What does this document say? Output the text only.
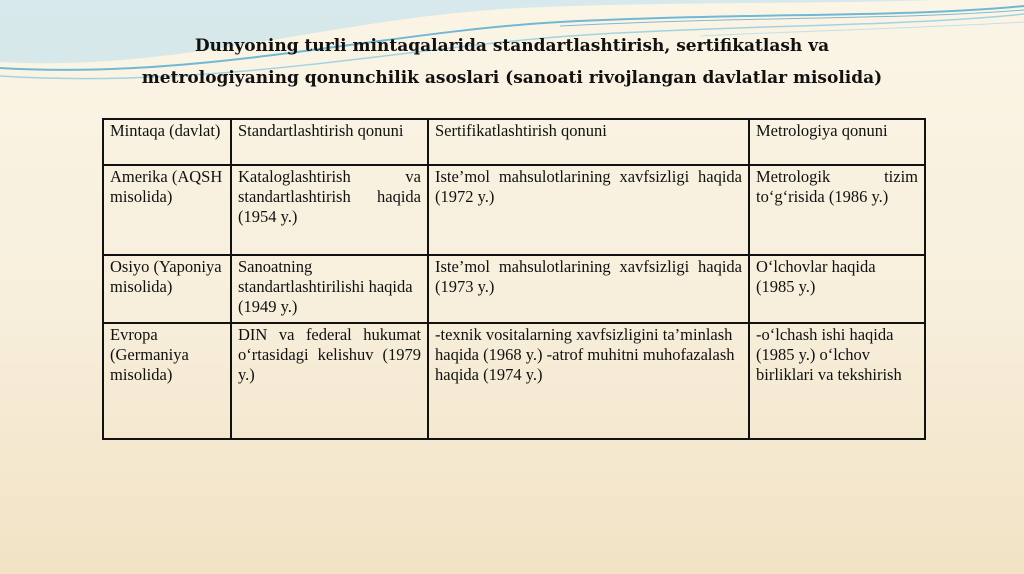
Dunyoning turli mintaqalarida standartlashtirish, sertifikatlash va
metrologiyaning qonunchilik asoslari (sanoati rivojlangan davlatlar misolida)
Mintaqa (davlat)	Standartlashtirish qonuni	Sertifikatlashtirish qonuni	Metrologiya qonuni
Amerika (AQSH misolida)	Kataloglashtirish va standartlashtirish haqida (1954 y.)	Iste’mol mahsulotlarining xavfsizligi haqida (1972 y.)	Metrologik tizim to‘g‘risida (1986 y.)
Osiyo (Yaponiya misolida)	Sanoatning standartlashtirilishi haqida (1949 y.)	Iste’mol mahsulotlarining xavfsizligi haqida (1973 y.)	O‘lchovlar haqida (1985 y.)
Evropa (Germaniya misolida)	DIN va federal hukumat o‘rtasidagi kelishuv (1979 y.)	-texnik vositalarning xavfsizligini ta’minlash haqida (1968 y.) -atrof muhitni muhofazalash haqida (1974 y.)	-o‘lchash ishi haqida (1985 y.) o‘lchov birliklari va tekshirish
